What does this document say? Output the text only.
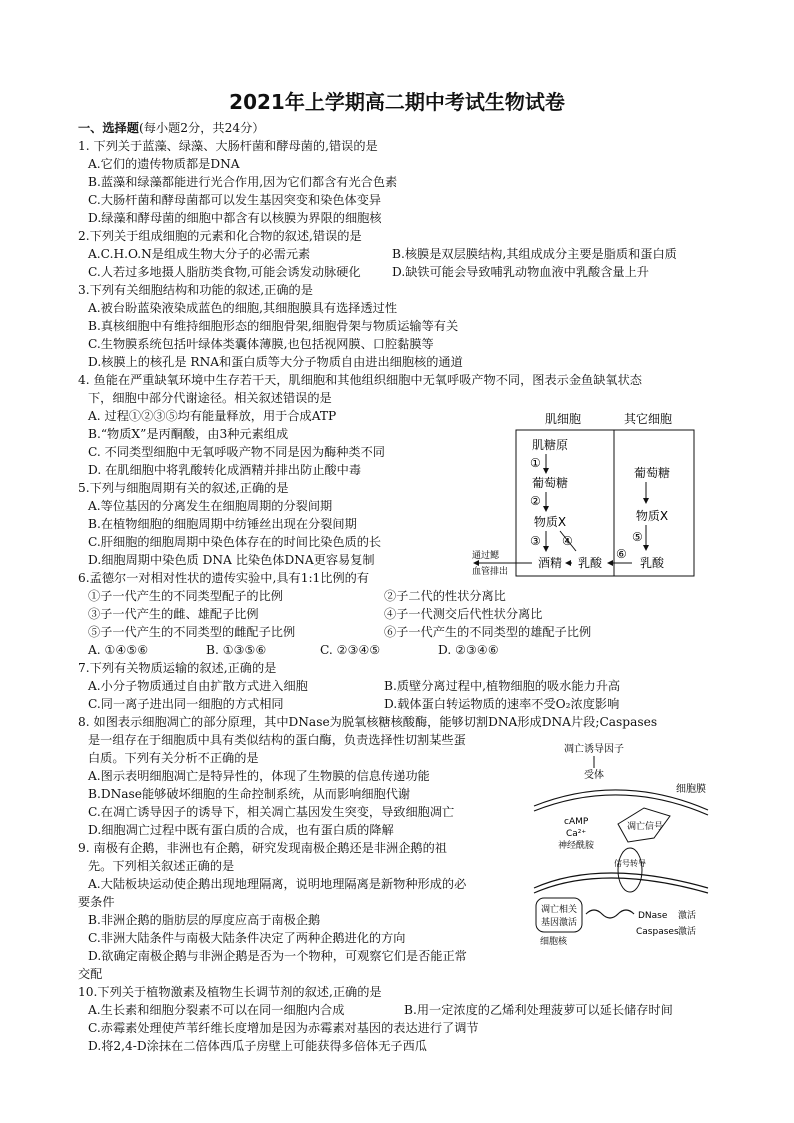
2021年上学期高二期中考试生物试卷
一、选择题(每小题2分，共24分）
1. 下列关于蓝藻、绿藻、大肠杆菌和酵母菌的,错误的是
A.它们的遗传物质都是DNA
B.蓝藻和绿藻都能进行光合作用,因为它们都含有光合色素
C.大肠杆菌和酵母菌都可以发生基因突变和染色体变异
D.绿藻和酵母菌的细胞中都含有以核膜为界限的细胞核
2.下列关于组成细胞的元素和化合物的叙述,错误的是
A.C.H.O.N是组成生物大分子的必需元素	B.核膜是双层膜结构,其组成成分主要是脂质和蛋白质
C.人若过多地摄人脂肪类食物,可能会诱发动脉硬化	D.缺铁可能会导致哺乳动物血液中乳酸含量上升
3.下列有关细胞结构和功能的叙述,正确的是
A.被台盼蓝染液染成蓝色的细胞,其细胞膜具有选择透过性
B.真核细胞中有维持细胞形态的细胞骨架,细胞骨架与物质运输等有关
C.生物膜系统包括叶绿体类囊体薄膜,也包括视网膜、口腔黏膜等
D.核膜上的核孔是 RNA和蛋白质等大分子物质自由进出细胞核的通道
4. 鱼能在严重缺氧环境中生存若干天，肌细胞和其他组织细胞中无氧呼吸产物不同，图表示金鱼缺氧状态
下，细胞中部分代谢途径。相关叙述错误的是
A. 过程①②③⑤均有能量释放，用于合成ATP
B.“物质X”是丙酮酸，由3种元素组成
C. 不同类型细胞中无氧呼吸产物不同是因为酶种类不同
D. 在肌细胞中将乳酸转化成酒精并排出防止酸中毒
肌细胞	其它细胞
肌糖原
①
葡萄糖
②
物质X
③ ④
酒精 乳酸
通过鳃
血管排出
葡萄糖
物质X
⑤
乳酸
⑥
5.下列与细胞周期有关的叙述,正确的是
A.等位基因的分离发生在细胞周期的分裂间期
B.在植物细胞的细胞周期中纺锤丝出现在分裂间期
C.肝细胞的细胞周期中染色体存在的时间比染色质的长
D.细胞周期中染色质 DNA 比染色体DNA更容易复制
6.孟德尔一对相对性状的遗传实验中,具有1:1比例的有
①子一代产生的不同类型配子的比例	②子二代的性状分离比
③子一代产生的雌、雄配子比例	④子一代测交后代性状分离比
⑤子一代产生的不同类型的雌配子比例	⑥子一代产生的不同类型的雄配子比例
A. ①④⑤⑥	B. ①③⑤⑥	C. ②③④⑤	D. ②③④⑥
7.下列有关物质运输的叙述,正确的是
A.小分子物质通过自由扩散方式进入细胞	B.质壁分离过程中,植物细胞的吸水能力升高
C.同一离子进出同一细胞的方式相同	D.载体蛋白转运物质的速率不受O₂浓度影响
8. 如图表示细胞凋亡的部分原理，其中DNase为脱氧核糖核酸酶，能够切割DNA形成DNA片段;Caspases
是一组存在于细胞质中具有类似结构的蛋白酶，负责选择性切割某些蛋
白质。下列有关分析不正确的是
A.图示表明细胞凋亡是特异性的，体现了生物膜的信息传递功能
B.DNase能够破坏细胞的生命控制系统，从而影响细胞代谢
C.在凋亡诱导因子的诱导下，相关凋亡基因发生突变，导致细胞凋亡
D.细胞凋亡过程中既有蛋白质的合成，也有蛋白质的降解
凋亡诱导因子
受体
细胞膜
cAMP
Ca²⁺
神经酰胺
凋亡信号
信号转导
凋亡相关
基因激活
DNase 激活
Caspases 激活
细胞核
9. 南极有企鹅，非洲也有企鹅，研究发现南极企鹅还是非洲企鹅的祖
先。下列相关叙述正确的是
A.大陆板块运动使企鹅出现地理隔离，说明地理隔离是新物种形成的必
要条件
B.非洲企鹅的脂肪层的厚度应高于南极企鹅
C.非洲大陆条件与南极大陆条件决定了两种企鹅进化的方向
D.欲确定南极企鹅与非洲企鹅是否为一个物种，可观察它们是否能正常
交配
10.下列关于植物激素及植物生长调节剂的叙述,正确的是
A.生长素和细胞分裂素不可以在同一细胞内合成	B.用一定浓度的乙烯利处理菠萝可以延长储存时间
C.赤霉素处理使芦苇纤维长度增加是因为赤霉素对基因的表达进行了调节
D.将2,4-D涂抹在二倍体西瓜子房壁上可能获得多倍体无子西瓜
